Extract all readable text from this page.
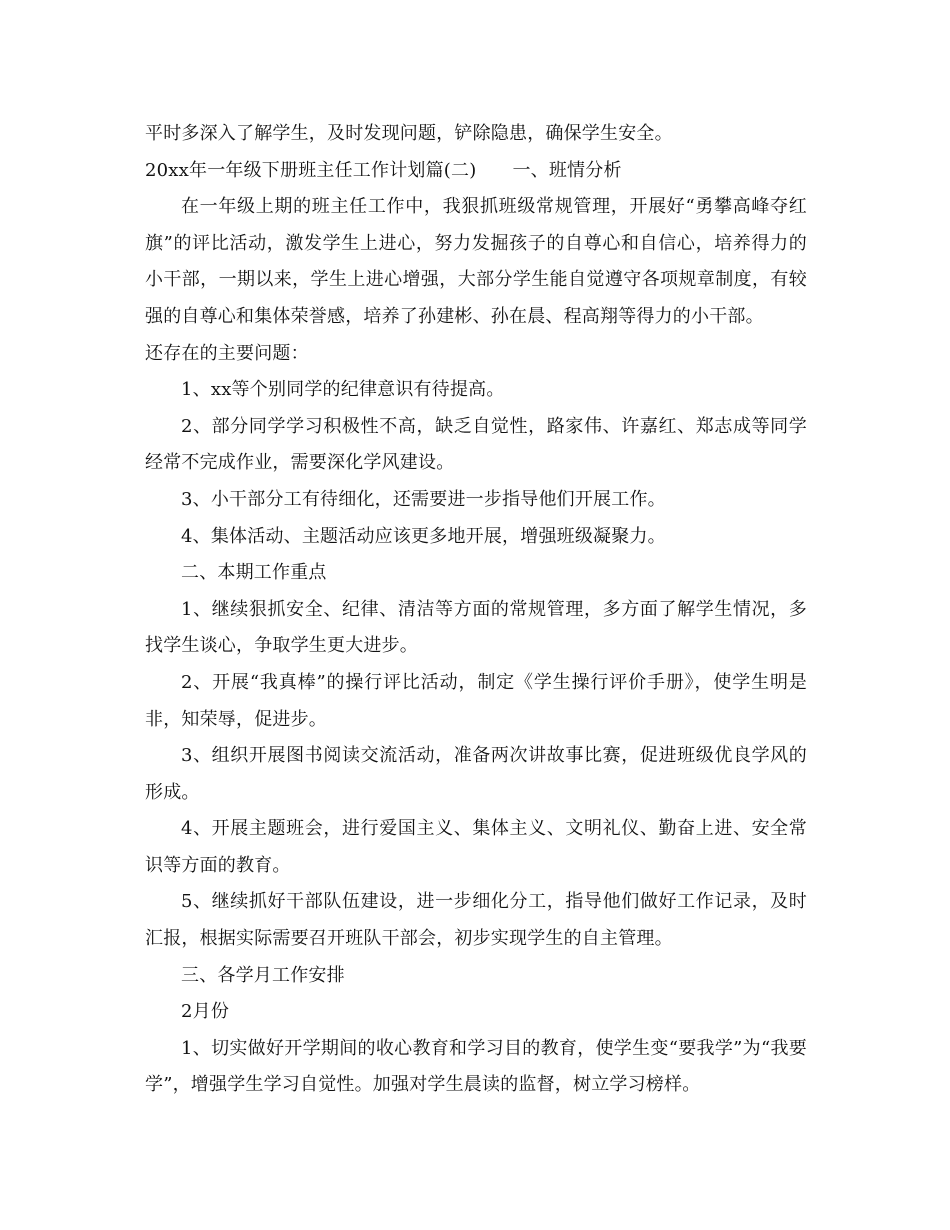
平时多深入了解学生，及时发现问题，铲除隐患，确保学生安全。

20xx年一年级下册班主任工作计划篇(二) 一、班情分析

在一年级上期的班主任工作中，我狠抓班级常规管理，开展好“勇攀高峰夺红旗”的评比活动，激发学生上进心，努力发掘孩子的自尊心和自信心，培养得力的小干部，一期以来，学生上进心增强，大部分学生能自觉遵守各项规章制度，有较强的自尊心和集体荣誉感，培养了孙建彬、孙在晨、程高翔等得力的小干部。

还存在的主要问题：

1、xx等个别同学的纪律意识有待提高。

2、部分同学学习积极性不高，缺乏自觉性，路家伟、许嘉红、郑志成等同学经常不完成作业，需要深化学风建设。

3、小干部分工有待细化，还需要进一步指导他们开展工作。

4、集体活动、主题活动应该更多地开展，增强班级凝聚力。

二、本期工作重点

1、继续狠抓安全、纪律、清洁等方面的常规管理，多方面了解学生情况，多找学生谈心，争取学生更大进步。

2、开展“我真棒”的操行评比活动，制定《学生操行评价手册》，使学生明是非，知荣辱，促进步。

3、组织开展图书阅读交流活动，准备两次讲故事比赛，促进班级优良学风的形成。

4、开展主题班会，进行爱国主义、集体主义、文明礼仪、勤奋上进、安全常识等方面的教育。

5、继续抓好干部队伍建设，进一步细化分工，指导他们做好工作记录，及时汇报，根据实际需要召开班队干部会，初步实现学生的自主管理。

三、各学月工作安排

2月份

1、切实做好开学期间的收心教育和学习目的教育，使学生变“要我学”为“我要学”，增强学生学习自觉性。加强对学生晨读的监督，树立学习榜样。
